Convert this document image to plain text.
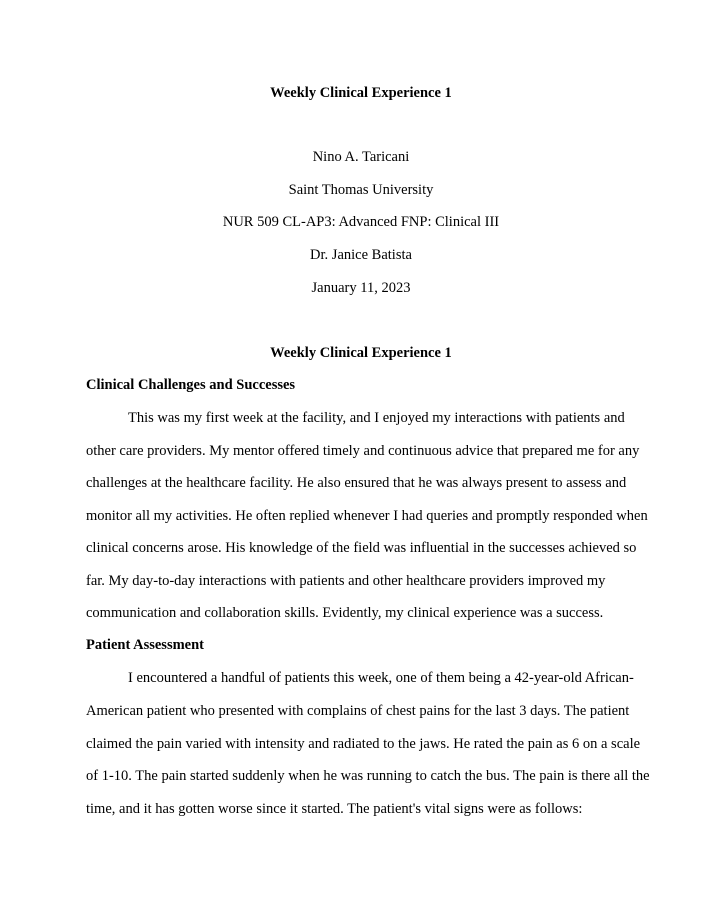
Weekly Clinical Experience 1
Nino A. Taricani
Saint Thomas University
NUR 509 CL-AP3: Advanced FNP: Clinical III
Dr. Janice Batista
January 11, 2023
Weekly Clinical Experience 1
Clinical Challenges and Successes
This was my first week at the facility, and I enjoyed my interactions with patients and
other care providers. My mentor offered timely and continuous advice that prepared me for any
challenges at the healthcare facility. He also ensured that he was always present to assess and
monitor all my activities. He often replied whenever I had queries and promptly responded when
clinical concerns arose. His knowledge of the field was influential in the successes achieved so
far. My day-to-day interactions with patients and other healthcare providers improved my
communication and collaboration skills. Evidently, my clinical experience was a success.
Patient Assessment
I encountered a handful of patients this week, one of them being a 42-year-old African-
American patient who presented with complains of chest pains for the last 3 days. The patient
claimed the pain varied with intensity and radiated to the jaws. He rated the pain as 6 on a scale
of 1-10. The pain started suddenly when he was running to catch the bus. The pain is there all the
time, and it has gotten worse since it started. The patient's vital signs were as follows:
